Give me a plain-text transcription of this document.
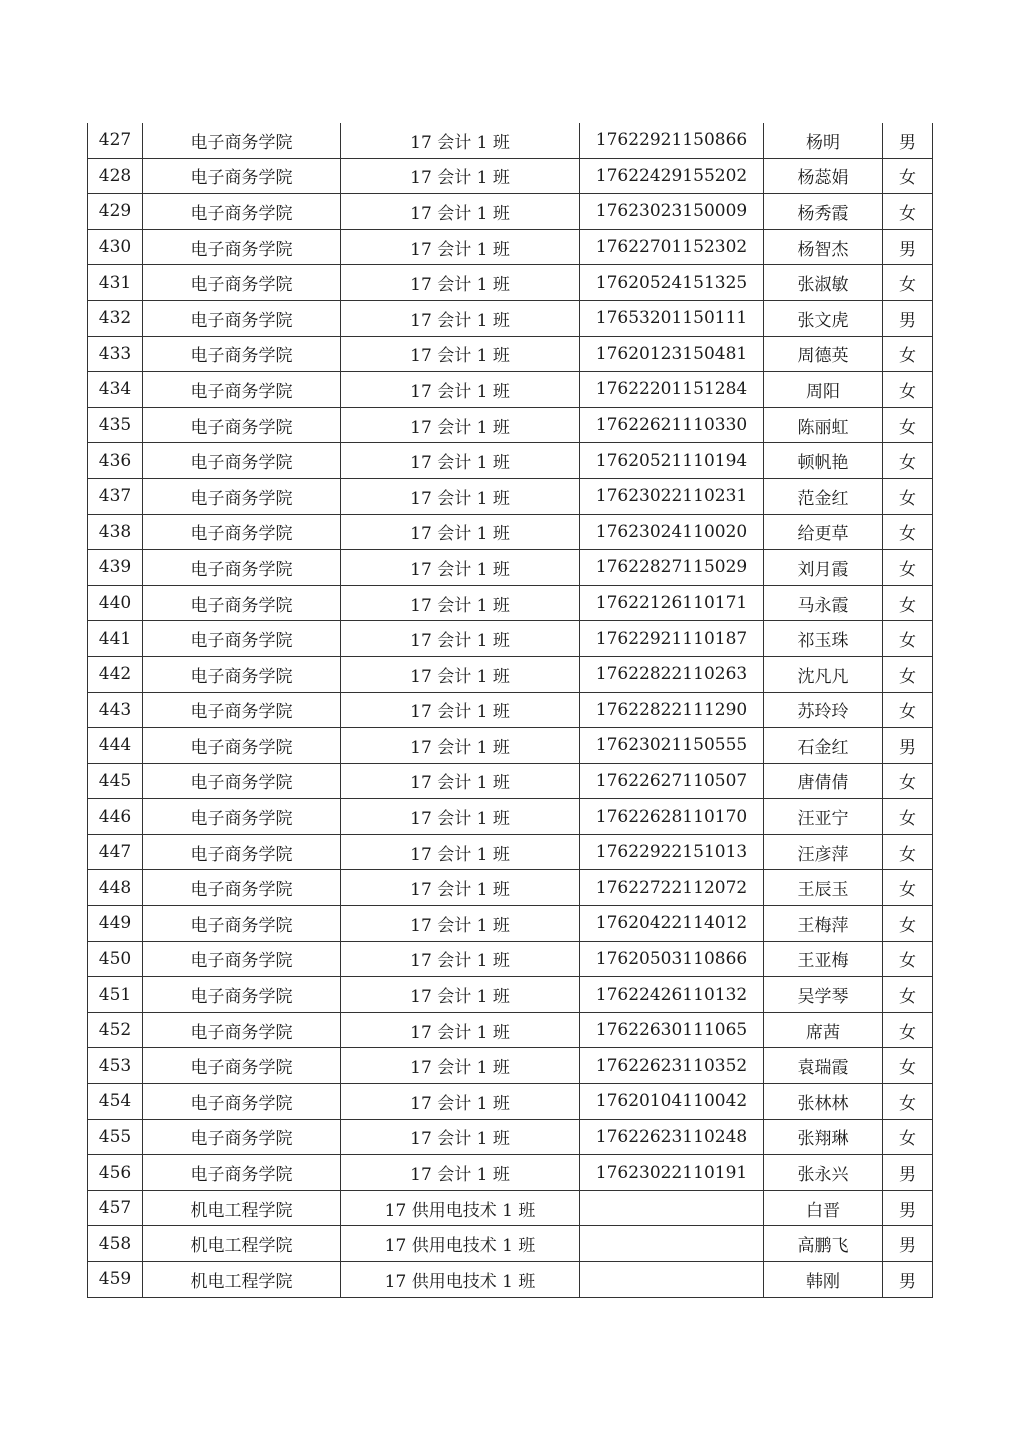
427	电子商务学院	17 会计 1 班	17622921150866	杨明	男
428	电子商务学院	17 会计 1 班	17622429155202	杨蕊娟	女
429	电子商务学院	17 会计 1 班	17623023150009	杨秀霞	女
430	电子商务学院	17 会计 1 班	17622701152302	杨智杰	男
431	电子商务学院	17 会计 1 班	17620524151325	张淑敏	女
432	电子商务学院	17 会计 1 班	17653201150111	张文虎	男
433	电子商务学院	17 会计 1 班	17620123150481	周德英	女
434	电子商务学院	17 会计 1 班	17622201151284	周阳	女
435	电子商务学院	17 会计 1 班	17622621110330	陈丽虹	女
436	电子商务学院	17 会计 1 班	17620521110194	顿帆艳	女
437	电子商务学院	17 会计 1 班	17623022110231	范金红	女
438	电子商务学院	17 会计 1 班	17623024110020	给更草	女
439	电子商务学院	17 会计 1 班	17622827115029	刘月霞	女
440	电子商务学院	17 会计 1 班	17622126110171	马永霞	女
441	电子商务学院	17 会计 1 班	17622921110187	祁玉珠	女
442	电子商务学院	17 会计 1 班	17622822110263	沈凡凡	女
443	电子商务学院	17 会计 1 班	17622822111290	苏玲玲	女
444	电子商务学院	17 会计 1 班	17623021150555	石金红	男
445	电子商务学院	17 会计 1 班	17622627110507	唐倩倩	女
446	电子商务学院	17 会计 1 班	17622628110170	汪亚宁	女
447	电子商务学院	17 会计 1 班	17622922151013	汪彦萍	女
448	电子商务学院	17 会计 1 班	17622722112072	王辰玉	女
449	电子商务学院	17 会计 1 班	17620422114012	王梅萍	女
450	电子商务学院	17 会计 1 班	17620503110866	王亚梅	女
451	电子商务学院	17 会计 1 班	17622426110132	吴学琴	女
452	电子商务学院	17 会计 1 班	17622630111065	席茜	女
453	电子商务学院	17 会计 1 班	17622623110352	袁瑞霞	女
454	电子商务学院	17 会计 1 班	17620104110042	张林林	女
455	电子商务学院	17 会计 1 班	17622623110248	张翔琳	女
456	电子商务学院	17 会计 1 班	17623022110191	张永兴	男
457	机电工程学院	17 供用电技术 1 班		白晋	男
458	机电工程学院	17 供用电技术 1 班		高鹏飞	男
459	机电工程学院	17 供用电技术 1 班		韩刚	男
